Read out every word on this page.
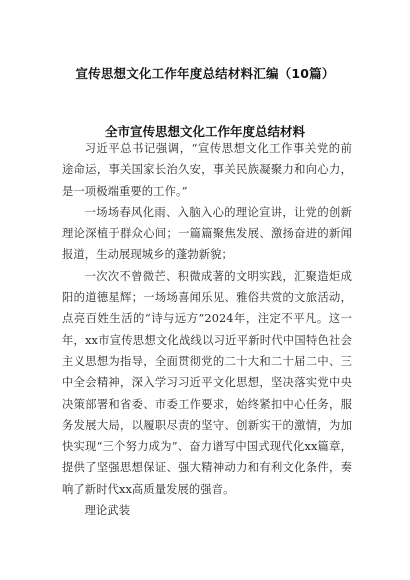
宣传思想文化工作年度总结材料汇编（10篇）
全市宣传思想文化工作年度总结材料

习近平总书记强调，“宣传思想文化工作事关党的前途命运，事关国家长治久安，事关民族凝聚力和向心力，是一项极端重要的工作。”

一场场春风化雨、入脑入心的理论宣讲，让党的创新理论深植于群众心间；一篇篇聚焦发展、激扬奋进的新闻报道，生动展现城乡的蓬勃新貌；

一次次不曾微芒、积微成著的文明实践，汇聚造炬成阳的道德星辉；一场场喜闻乐见、雅俗共赏的文旅活动，点亮百姓生活的“诗与远方”2024年，注定不平凡。这一年，xx市宣传思想文化战线以习近平新时代中国特色社会主义思想为指导，全面贯彻党的二十大和二十届二中、三中全会精神，深入学习习近平文化思想，坚决落实党中央决策部署和省委、市委工作要求，始终紧扣中心任务，服务发展大局，以履职尽责的坚守、创新实干的激情，为加快实现“三个努力成为”、奋力谱写中国式现代化xx篇章，提供了坚强思想保证、强大精神动力和有利文化条件，奏响了新时代xx高质量发展的强音。

理论武装
